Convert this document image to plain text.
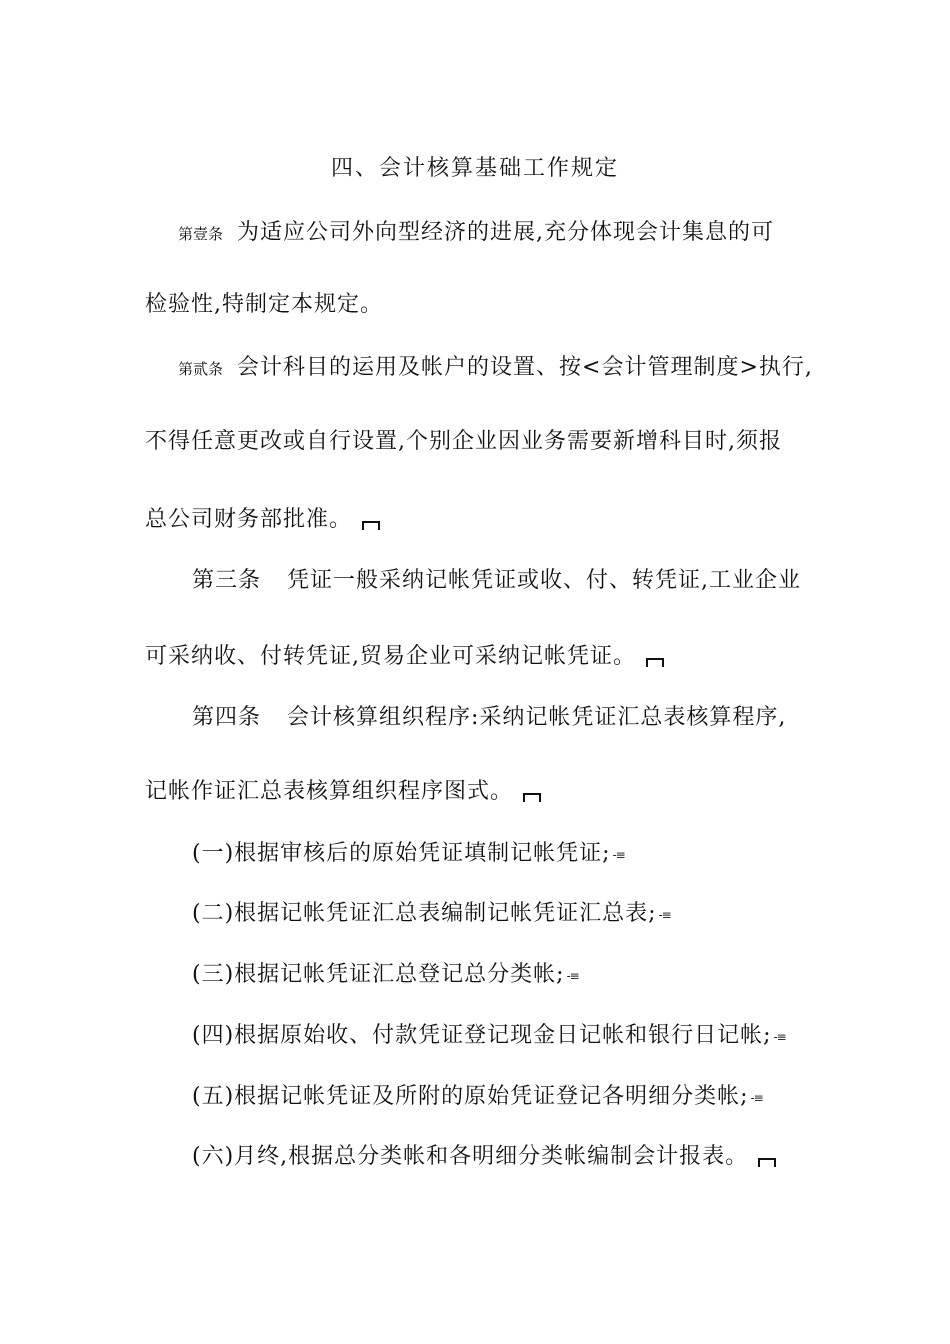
四、会计核算基础工作规定
第壹条 为适应公司外向型经济的进展,充分体现会计集息的可
检验性,特制定本规定。
第贰条 会计科目的运用及帐户的设置、按<会计管理制度>执行,
不得任意更改或自行设置,个别企业因业务需要新增科目时,须报
总公司财务部批准。
第三条 凭证一般采纳记帐凭证或收、付、转凭证,工业企业
可采纳收、付转凭证,贸易企业可采纳记帐凭证。
第四条 会计核算组织程序:采纳记帐凭证汇总表核算程序,
记帐作证汇总表核算组织程序图式。
(一)根据审核后的原始凭证填制记帐凭证; -≡
(二)根据记帐凭证汇总表编制记帐凭证汇总表; -≡
(三)根据记帐凭证汇总登记总分类帐; -≡
(四)根据原始收、付款凭证登记现金日记帐和银行日记帐; -≡
(五)根据记帐凭证及所附的原始凭证登记各明细分类帐; -≡
(六)月终,根据总分类帐和各明细分类帐编制会计报表。
